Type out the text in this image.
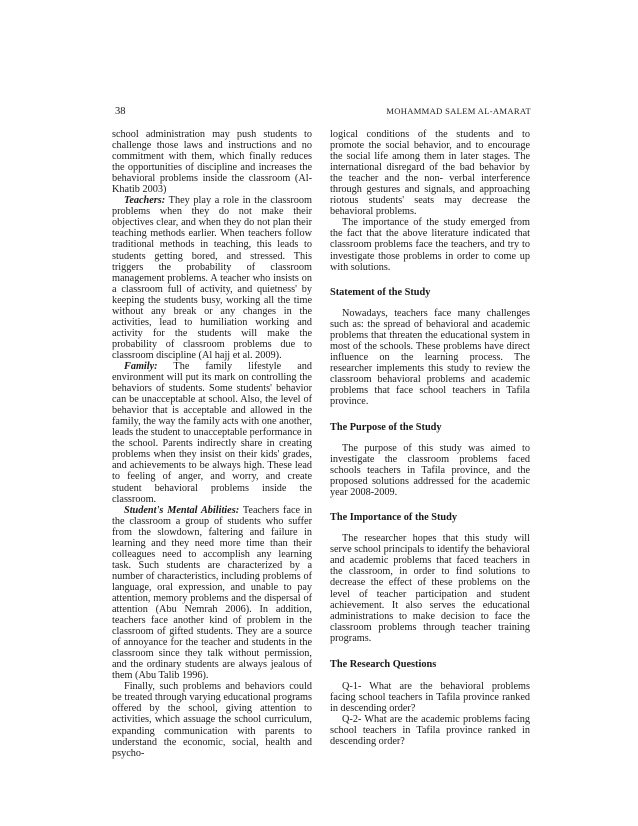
38	MOHAMMAD SALEM AL-AMARAT

school administration may push students to challenge those laws and instructions and no commitment with them, which finally reduces the opportunities of discipline and increases the behavioral problems inside the classroom (Al-Khatib 2003)

Teachers: They play a role in the classroom problems when they do not make their objectives clear, and when they do not plan their teaching methods earlier. When teachers follow traditional methods in teaching, this leads to students getting bored, and stressed. This triggers the probability of classroom management problems. A teacher who insists on a classroom full of activity, and quietness' by keeping the students busy, working all the time without any break or any changes in the activities, lead to humiliation working and activity for the students will make the probability of classroom problems due to classroom discipline (Al hajj et al. 2009).

Family: The family lifestyle and environment will put its mark on controlling the behaviors of students. Some students' behavior can be unacceptable at school. Also, the level of behavior that is acceptable and allowed in the family, the way the family acts with one another, leads the student to unacceptable performance in the school. Parents indirectly share in creating problems when they insist on their kids' grades, and achievements to be always high. These lead to feeling of anger, and worry, and create student behavioral problems inside the classroom.

Student's Mental Abilities: Teachers face in the classroom a group of students who suffer from the slowdown, faltering and failure in learning and they need more time than their colleagues need to accomplish any learning task. Such students are characterized by a number of characteristics, including problems of language, oral expression, and unable to pay attention, memory problems and the dispersal of attention (Abu Nemrah 2006). In addition, teachers face another kind of problem in the classroom of gifted students. They are a source of annoyance for the teacher and students in the classroom since they talk without permission, and the ordinary students are always jealous of them (Abu Talib 1996).

Finally, such problems and behaviors could be treated through varying educational programs offered by the school, giving attention to activities, which assuage the school curriculum, expanding communication with parents to understand the economic, social, health and psycho-

logical conditions of the students and to promote the social behavior, and to encourage the social life among them in later stages. The international disregard of the bad behavior by the teacher and the non- verbal interference through gestures and signals, and approaching riotous students' seats may decrease the behavioral problems.

The importance of the study emerged from the fact that the above literature indicated that classroom problems face the teachers, and try to investigate those problems in order to come up with solutions.

Statement of the Study

Nowadays, teachers face many challenges such as: the spread of behavioral and academic problems that threaten the educational system in most of the schools. These problems have direct influence on the learning process. The researcher implements this study to review the classroom behavioral problems and academic problems that face school teachers in Tafila province.

The Purpose of the Study

The purpose of this study was aimed to investigate the classroom problems faced schools teachers in Tafila province, and the proposed solutions addressed for the academic year 2008-2009.

The Importance of the Study

The researcher hopes that this study will serve school principals to identify the behavioral and academic problems that faced teachers in the classroom, in order to find solutions to decrease the effect of these problems on the level of teacher participation and student achievement. It also serves the educational administrations to make decision to face the classroom problems through teacher training programs.

The Research Questions

Q-1- What are the behavioral problems facing school teachers in Tafila province ranked in descending order?

Q-2- What are the academic problems facing school teachers in Tafila province ranked in descending order?
